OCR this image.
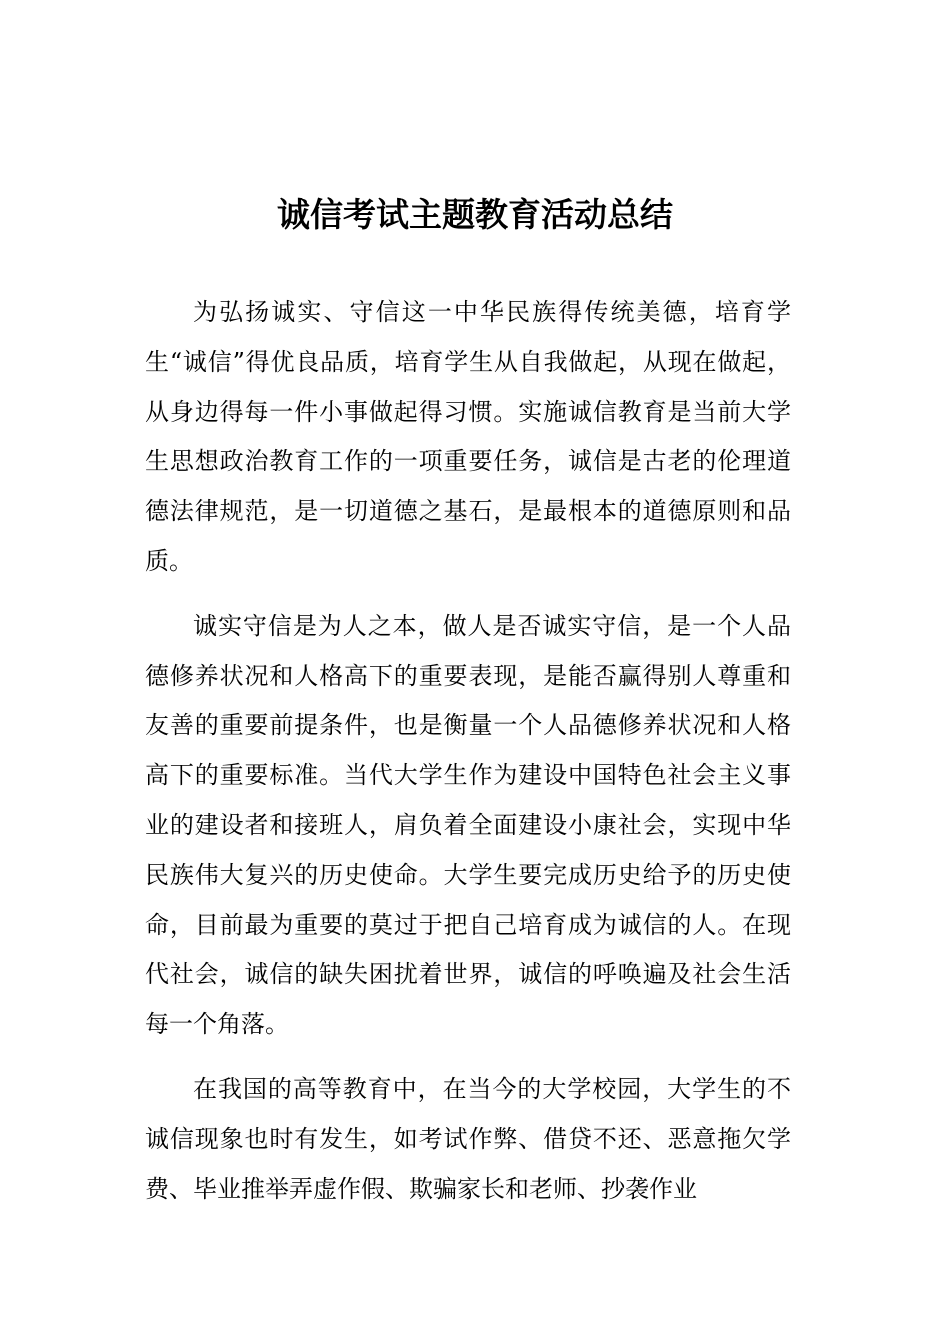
诚信考试主题教育活动总结

为弘扬诚实、守信这一中华民族得传统美德，培育学生“诚信”得优良品质，培育学生从自我做起，从现在做起，从身边得每一件小事做起得习惯。实施诚信教育是当前大学生思想政治教育工作的一项重要任务，诚信是古老的伦理道德法律规范，是一切道德之基石，是最根本的道德原则和品质。

诚实守信是为人之本，做人是否诚实守信，是一个人品德修养状况和人格高下的重要表现，是能否赢得别人尊重和友善的重要前提条件，也是衡量一个人品德修养状况和人格高下的重要标准。当代大学生作为建设中国特色社会主义事业的建设者和接班人，肩负着全面建设小康社会，实现中华民族伟大复兴的历史使命。大学生要完成历史给予的历史使命，目前最为重要的莫过于把自己培育成为诚信的人。在现代社会，诚信的缺失困扰着世界，诚信的呼唤遍及社会生活每一个角落。

在我国的高等教育中，在当今的大学校园，大学生的不诚信现象也时有发生，如考试作弊、借贷不还、恶意拖欠学费、毕业推举弄虚作假、欺骗家长和老师、抄袭作业
